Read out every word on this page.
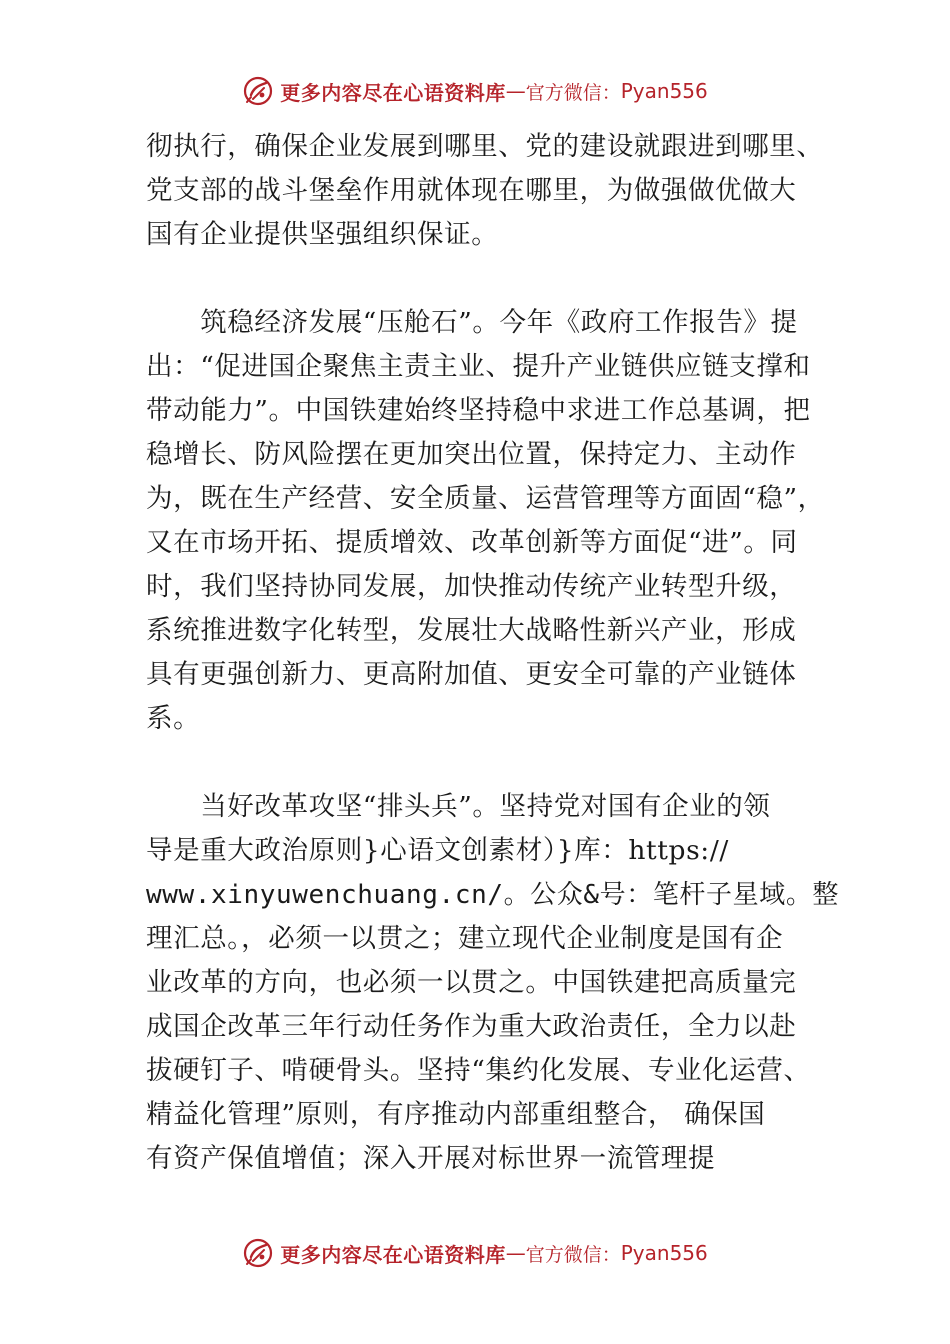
更多内容尽在心语资料库 — 官方微信： Pyan556
彻执行，确保企业发展到哪里、党的建设就跟进到哪里、
党支部的战斗堡垒作用就体现在哪里，为做强做优做大
国有企业提供坚强组织保证。
　　筑稳经济发展“压舱石”。今年《政府工作报告》提
出：“促进国企聚焦主责主业、提升产业链供应链支撑和
带动能力”。中国铁建始终坚持稳中求进工作总基调，把
稳增长、防风险摆在更加突出位置，保持定力、主动作
为，既在生产经营、安全质量、运营管理等方面固“稳”，
又在市场开拓、提质增效、改革创新等方面促“进”。同
时，我们坚持协同发展，加快推动传统产业转型升级，
系统推进数字化转型，发展壮大战略性新兴产业，形成
具有更强创新力、更高附加值、更安全可靠的产业链体
系。
　　当好改革攻坚“排头兵”。坚持党对国有企业的领
导是重大政治原则}心语文创素材）}库：https://
www.xinyuwenchuang.cn/。公众&号：笔杆子星域。整
理汇总。，必须一以贯之；建立现代企业制度是国有企
业改革的方向，也必须一以贯之。中国铁建把高质量完
成国企改革三年行动任务作为重大政治责任，全力以赴
拔硬钉子、啃硬骨头。坚持“集约化发展、专业化运营、
精益化管理”原则，有序推动内部重组整合， 确保国
有资产保值增值；深入开展对标世界一流管理提
更多内容尽在心语资料库 — 官方微信： Pyan556
